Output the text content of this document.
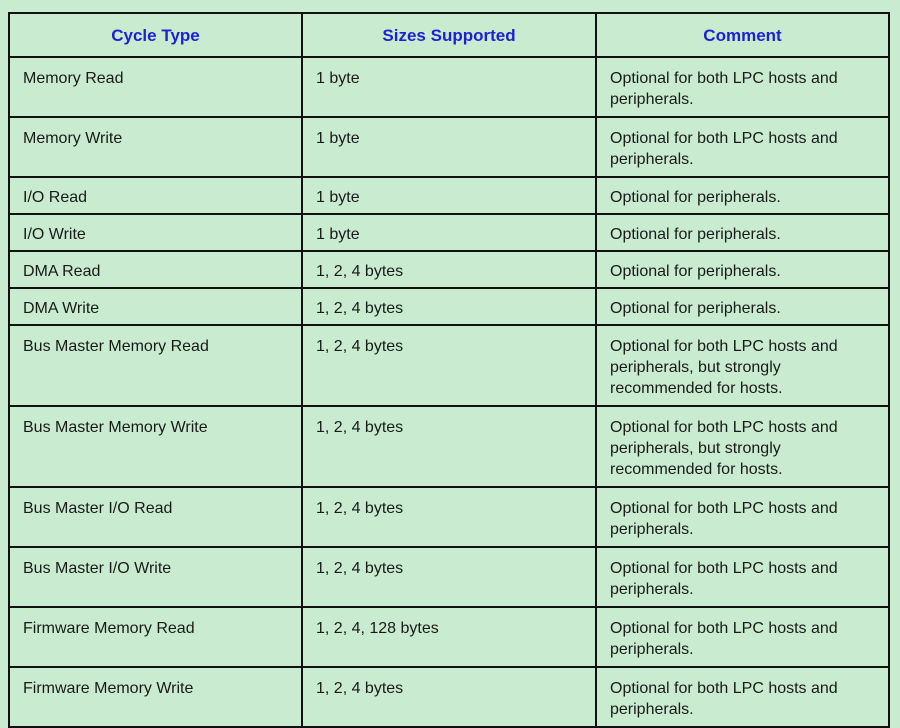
Cycle Type	Sizes Supported	Comment
Memory Read	1 byte	Optional for both LPC hosts and peripherals.
Memory Write	1 byte	Optional for both LPC hosts and peripherals.
I/O Read	1 byte	Optional for peripherals.
I/O Write	1 byte	Optional for peripherals.
DMA Read	1, 2, 4 bytes	Optional for peripherals.
DMA Write	1, 2, 4 bytes	Optional for peripherals.
Bus Master Memory Read	1, 2, 4 bytes	Optional for both LPC hosts and peripherals, but strongly recommended for hosts.
Bus Master Memory Write	1, 2, 4 bytes	Optional for both LPC hosts and peripherals, but strongly recommended for hosts.
Bus Master I/O Read	1, 2, 4 bytes	Optional for both LPC hosts and peripherals.
Bus Master I/O Write	1, 2, 4 bytes	Optional for both LPC hosts and peripherals.
Firmware Memory Read	1, 2, 4, 128 bytes	Optional for both LPC hosts and peripherals.
Firmware Memory Write	1, 2, 4 bytes	Optional for both LPC hosts and peripherals.
